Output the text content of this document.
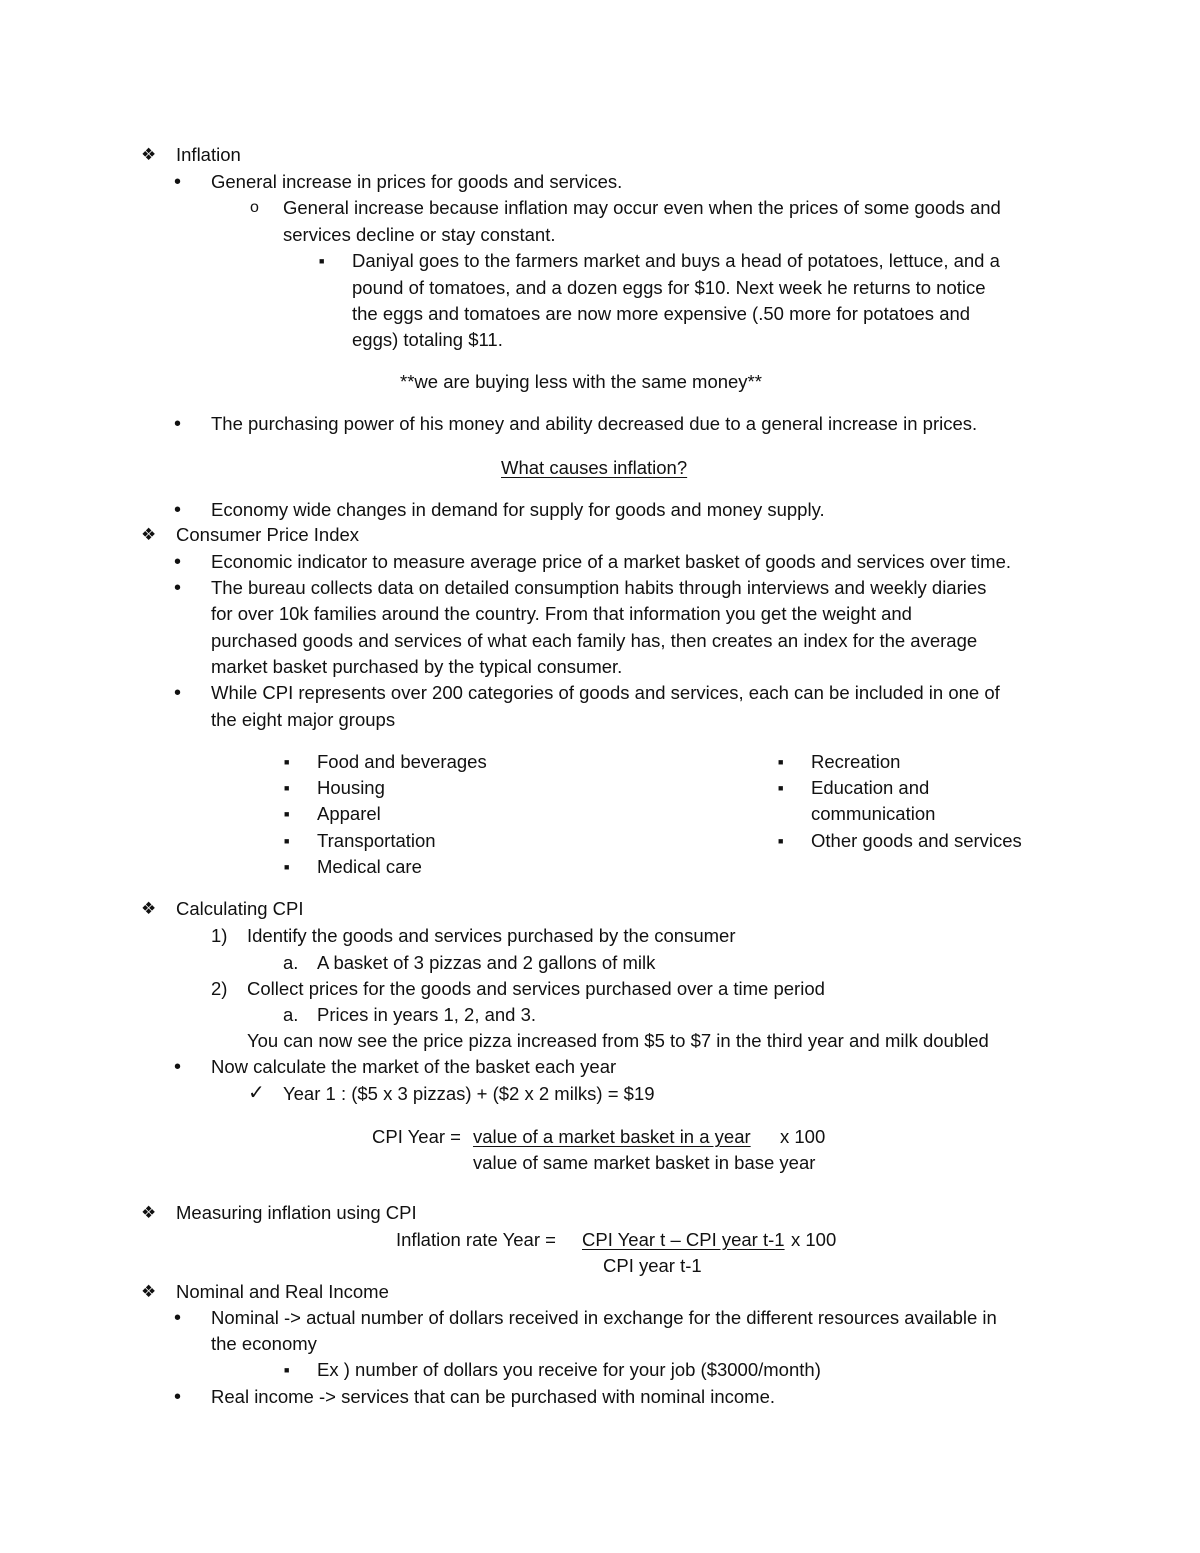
❖ Inflation
• General increase in prices for goods and services.
o General increase because inflation may occur even when the prices of some goods and
services decline or stay constant.
■ Daniyal goes to the farmers market and buys a head of potatoes, lettuce, and a
pound of tomatoes, and a dozen eggs for $10. Next week he returns to notice
the eggs and tomatoes are now more expensive (.50 more for potatoes and
eggs) totaling $11.
**we are buying less with the same money**
• The purchasing power of his money and ability decreased due to a general increase in prices.
What causes inflation?
• Economy wide changes in demand for supply for goods and money supply.
❖ Consumer Price Index
• Economic indicator to measure average price of a market basket of goods and services over time.
• The bureau collects data on detailed consumption habits through interviews and weekly diaries
for over 10k families around the country. From that information you get the weight and
purchased goods and services of what each family has, then creates an index for the average
market basket purchased by the typical consumer.
• While CPI represents over 200 categories of goods and services, each can be included in one of
the eight major groups
■ Food and beverages
■ Housing
■ Apparel
■ Transportation
■ Medical care
■ Recreation
■ Education and
communication
■ Other goods and services
❖ Calculating CPI
1) Identify the goods and services purchased by the consumer
a. A basket of 3 pizzas and 2 gallons of milk
2) Collect prices for the goods and services purchased over a time period
a. Prices in years 1, 2, and 3.
You can now see the price pizza increased from $5 to $7 in the third year and milk doubled
• Now calculate the market of the basket each year
✓ Year 1 : ($5 x 3 pizzas) + ($2 x 2 milks) = $19
CPI Year = value of a market basket in a year x 100
value of same market basket in base year
❖ Measuring inflation using CPI
Inflation rate Year = CPI Year t – CPI year t-1 x 100
CPI year t-1
❖ Nominal and Real Income
• Nominal -> actual number of dollars received in exchange for the different resources available in
the economy
■ Ex ) number of dollars you receive for your job ($3000/month)
• Real income -> services that can be purchased with nominal income.
